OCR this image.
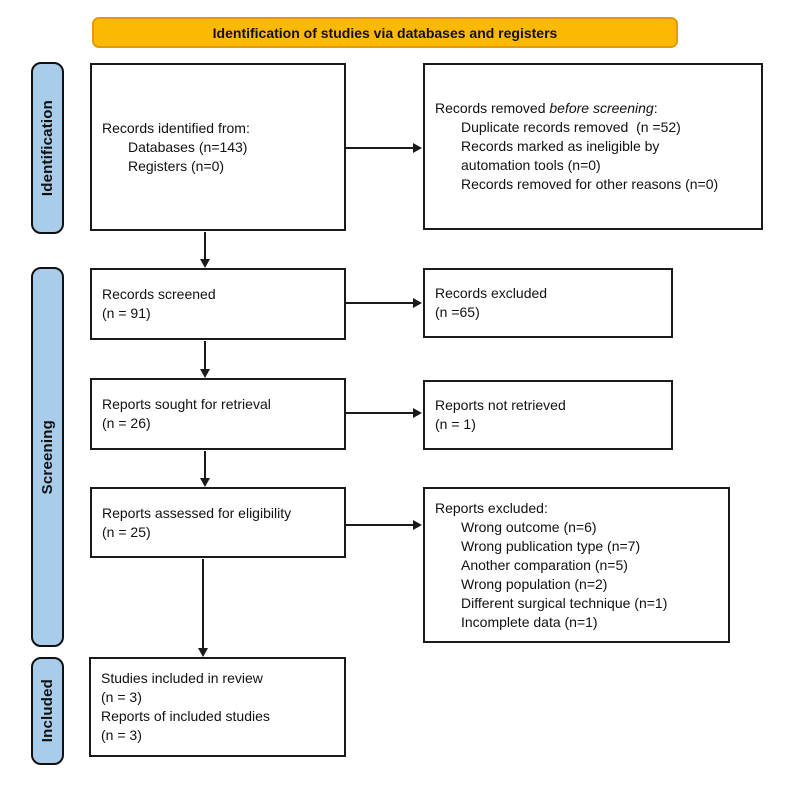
Identification of studies via databases and registers
Identification
Screening
Included
Records identified from:
Databases (n=143)
Registers (n=0)
Records removed before screening:
Duplicate records removed  (n =52)
Records marked as ineligible by
automation tools (n=0)
Records removed for other reasons (n=0)
Records screened
(n = 91)
Records excluded
(n =65)
Reports sought for retrieval
(n = 26)
Reports not retrieved
(n = 1)
Reports assessed for eligibility
(n = 25)
Reports excluded:
Wrong outcome (n=6)
Wrong publication type (n=7)
Another comparation (n=5)
Wrong population (n=2)
Different surgical technique (n=1)
Incomplete data (n=1)
Studies included in review
(n = 3)
Reports of included studies
(n = 3)
